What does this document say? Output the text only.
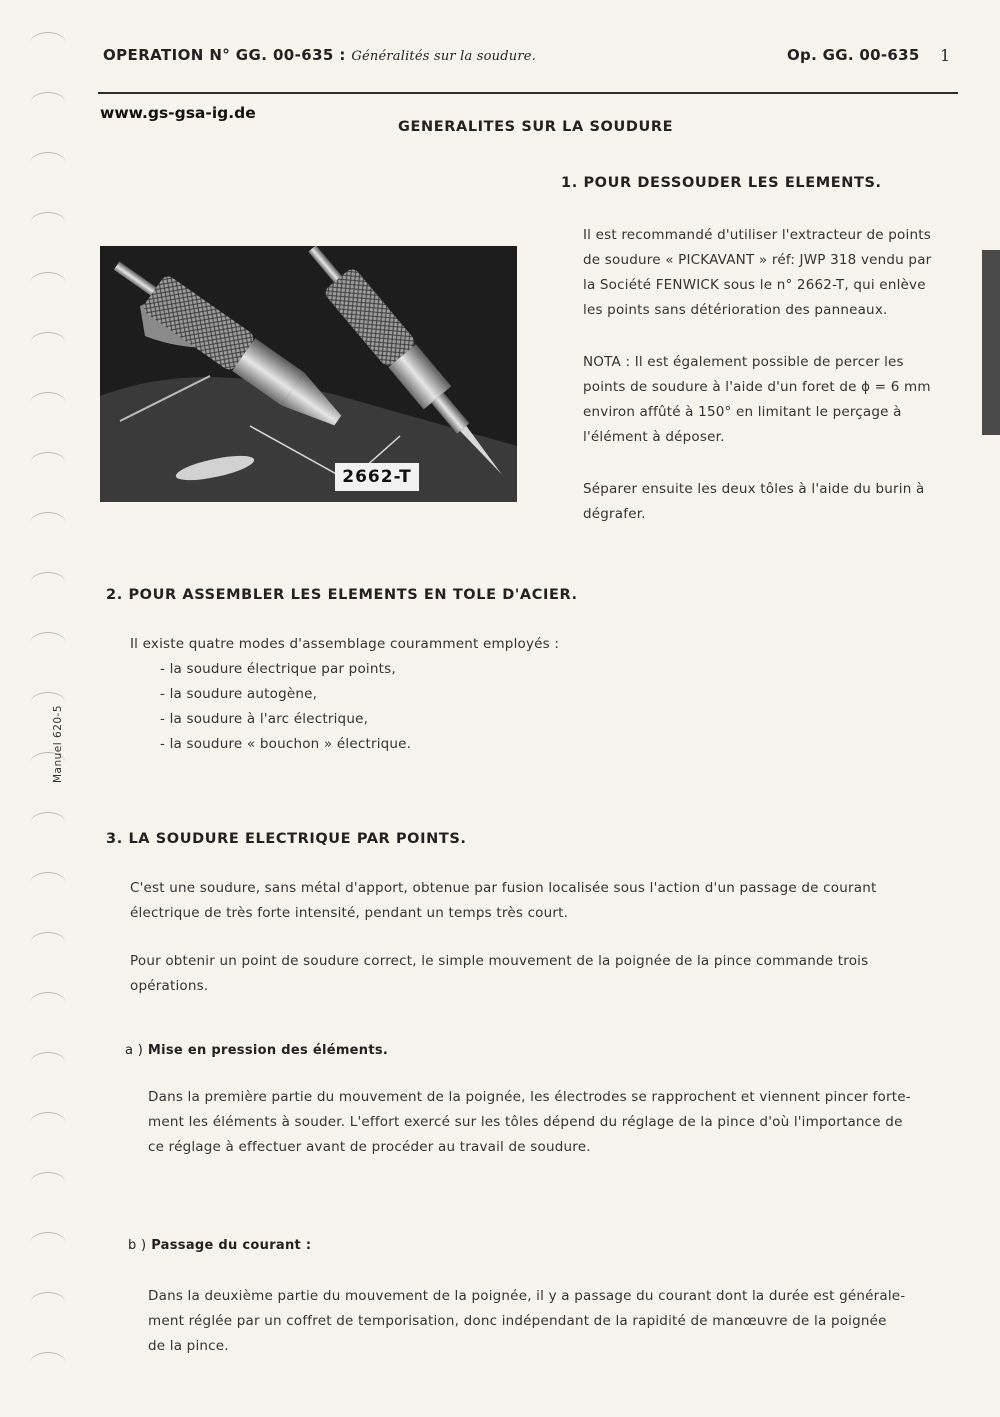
OPERATION N° GG. 00-635 : Généralités sur la soudure.	Op. GG. 00-635 1
www.gs-gsa-ig.de
GENERALITES SUR LA SOUDURE
1. POUR DESSOUDER LES ELEMENTS.
Il est recommandé d'utiliser l'extracteur de points
de soudure « PICKAVANT » réf: JWP 318 vendu par
la Société FENWICK sous le n° 2662-T, qui enlève
les points sans détérioration des panneaux.
NOTA : Il est également possible de percer les
points de soudure à l'aide d'un foret de ϕ = 6 mm
environ affûté à 150° en limitant le perçage à
l'élément à déposer.
Séparer ensuite les deux tôles à l'aide du burin à
dégrafer.
2662-T
2. POUR ASSEMBLER LES ELEMENTS EN TOLE D'ACIER.
Il existe quatre modes d'assemblage couramment employés :
- la soudure électrique par points,
- la soudure autogène,
- la soudure à l'arc électrique,
- la soudure « bouchon » électrique.
Manuel 620-5
3. LA SOUDURE ELECTRIQUE PAR POINTS.
C'est une soudure, sans métal d'apport, obtenue par fusion localisée sous l'action d'un passage de courant
électrique de très forte intensité, pendant un temps très court.
Pour obtenir un point de soudure correct, le simple mouvement de la poignée de la pince commande trois
opérations.
a ) Mise en pression des éléments.
Dans la première partie du mouvement de la poignée, les électrodes se rapprochent et viennent pincer forte-
ment les éléments à souder. L'effort exercé sur les tôles dépend du réglage de la pince d'où l'importance de
ce réglage à effectuer avant de procéder au travail de soudure.
b ) Passage du courant :
Dans la deuxième partie du mouvement de la poignée, il y a passage du courant dont la durée est générale-
ment réglée par un coffret de temporisation, donc indépendant de la rapidité de manœuvre de la poignée
de la pince.
